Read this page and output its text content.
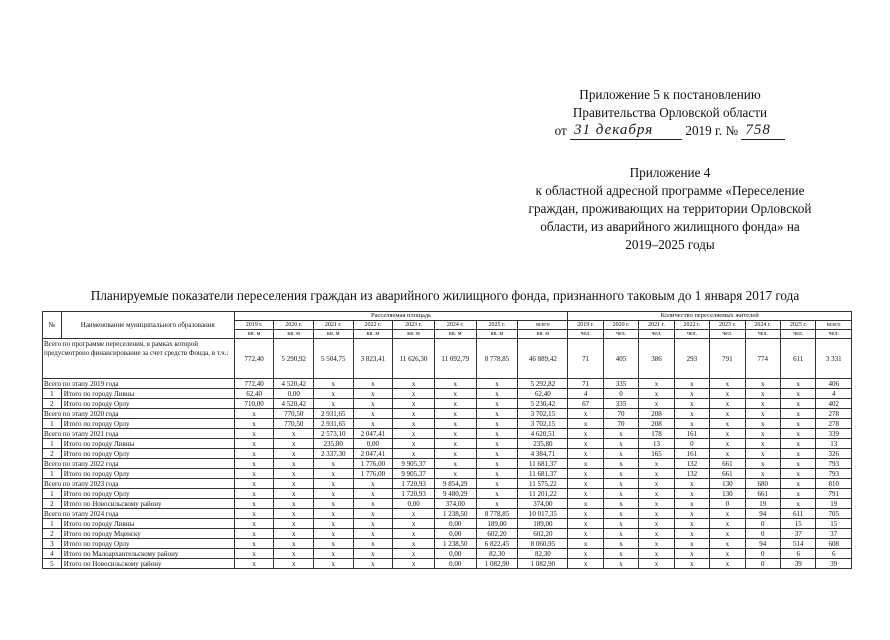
Приложение 5 к постановлению
Правительства Орловской области
от 31 декабря 2019 г. № 758
Приложение 4
к областной адресной программе «Переселение
граждан, проживающих на территории Орловской
области, из аварийного жилищного фонда» на
2019–2025 годы
Планируемые показатели переселения граждан из аварийного жилищного фонда, признанного таковым до 1 января 2017 года
№	Наименование муниципального образования	Расселяемая площадь								Количество переселяемых жителей							
		2019 г.	2020 г.	2021 г.	2022 г.	2023 г.	2024 г.	2025 г.	всего	2019 г.	2020 г.	2021 г.	2022 г.	2023 г.	2024 г.	2025 г.	всего
		кв. м	кв. м	кв. м	кв. м	кв. м	кв. м	кв. м	кв. м	чел.	чел.	чел.	чел.	чел.	чел.	чел.	чел.
Всего по программе переселения, в рамках которой предусмотрено финансирование за счет средств Фонда, в т.ч.:		772,40	5 290,92	5 504,75	3 823,41	11 626,30	11 092,79	8 778,85	46 889,42	71	405	386	293	791	774	611	3 331
Всего по этапу 2019 года		772,40	4 520,42	х	х	х	х	х	5 292,82	71	335	х	х	х	х	х	406
1	Итого по городу Ливны	62,40	0,00	х	х	х	х	х	62,40	4	0	х	х	х	х	х	4
2	Итого по городу Орлу	710,00	4 520,42	х	х	х	х	х	5 230,42	67	335	х	х	х	х	х	402
Всего по этапу 2020 года		х	770,50	2 931,65	х	х	х	х	3 702,15	х	70	208	х	х	х	х	278
1	Итого по городу Орлу	х	770,50	2 931,65	х	х	х	х	3 702,15	х	70	208	х	х	х	х	278
Всего по этапу 2021 года		х	х	2 573,10	2 047,41	х	х	х	4 620,51	х	х	178	161	х	х	х	339
1	Итого по городу Ливны	х	х	235,80	0,00	х	х	х	235,80	х	х	13	0	х	х	х	13
2	Итого по городу Орлу	х	х	2 337,30	2 047,41	х	х	х	4 384,71	х	х	165	161	х	х	х	326
Всего по этапу 2022 года		х	х	х	1 776,00	9 905,37	х	х	11 681,37	х	х	х	132	661	х	х	793
1	Итого по городу Орлу	х	х	х	1 776,00	9 905,37	х	х	11 681,37	х	х	х	132	661	х	х	793
Всего по этапу 2023 года		х	х	х	х	1 720,93	9 854,29	х	11 575,22	х	х	х	х	130	680	х	810
1	Итого по городу Орлу	х	х	х	х	1 720,93	9 480,29	х	11 201,22	х	х	х	х	130	661	х	791
2	Итого по Новосильскому району	х	х	х	х	0,00	374,00	х	374,00	х	х	х	х	0	19	х	19
Всего по этапу 2024 года		х	х	х	х	х	1 238,50	8 778,85	10 017,35	х	х	х	х	х	94	611	705
1	Итого по городу Ливны	х	х	х	х	х	0,00	189,00	189,00	х	х	х	х	х	0	15	15
2	Итого по городу Мценску	х	х	х	х	х	0,00	602,20	602,20	х	х	х	х	х	0	37	37
3	Итого по городу Орлу	х	х	х	х	х	1 238,50	6 822,45	8 060,95	х	х	х	х	х	94	514	608
4	Итого по Малоархангельскому району	х	х	х	х	х	0,00	82,30	82,30	х	х	х	х	х	0	6	6
5	Итого по Новосильскому району	х	х	х	х	х	0,00	1 082,90	1 082,90	х	х	х	х	х	0	39	39
